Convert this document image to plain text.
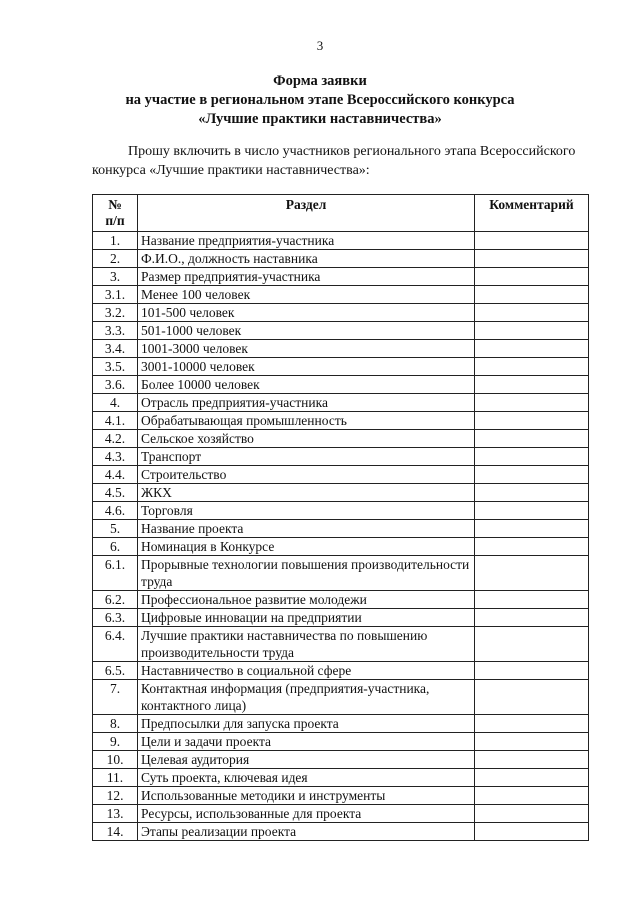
3
Форма заявки
на участие в региональном этапе Всероссийского конкурса
«Лучшие практики наставничества»
Прошу включить в число участников регионального этапа Всероссийского
конкурса «Лучшие практики наставничества»:
№
п/п	Раздел	Комментарий
1.	Название предприятия-участника	
2.	Ф.И.О., должность наставника	
3.	Размер предприятия-участника	
3.1.	Менее 100 человек	
3.2.	101-500 человек	
3.3.	501-1000 человек	
3.4.	1001-3000 человек	
3.5.	3001-10000 человек	
3.6.	Более 10000 человек	
4.	Отрасль предприятия-участника	
4.1.	Обрабатывающая промышленность	
4.2.	Сельское хозяйство	
4.3.	Транспорт	
4.4.	Строительство	
4.5.	ЖКХ	
4.6.	Торговля	
5.	Название проекта	
6.	Номинация в Конкурсе	
6.1.	Прорывные технологии повышения производительности труда	
6.2.	Профессиональное развитие молодежи	
6.3.	Цифровые инновации на предприятии	
6.4.	Лучшие практики наставничества по повышению производительности труда	
6.5.	Наставничество в социальной сфере	
7.	Контактная информация (предприятия-участника, контактного лица)	
8.	Предпосылки для запуска проекта	
9.	Цели и задачи проекта	
10.	Целевая аудитория	
11.	Суть проекта, ключевая идея	
12.	Использованные методики и инструменты	
13.	Ресурсы, использованные для проекта	
14.	Этапы реализации проекта	
